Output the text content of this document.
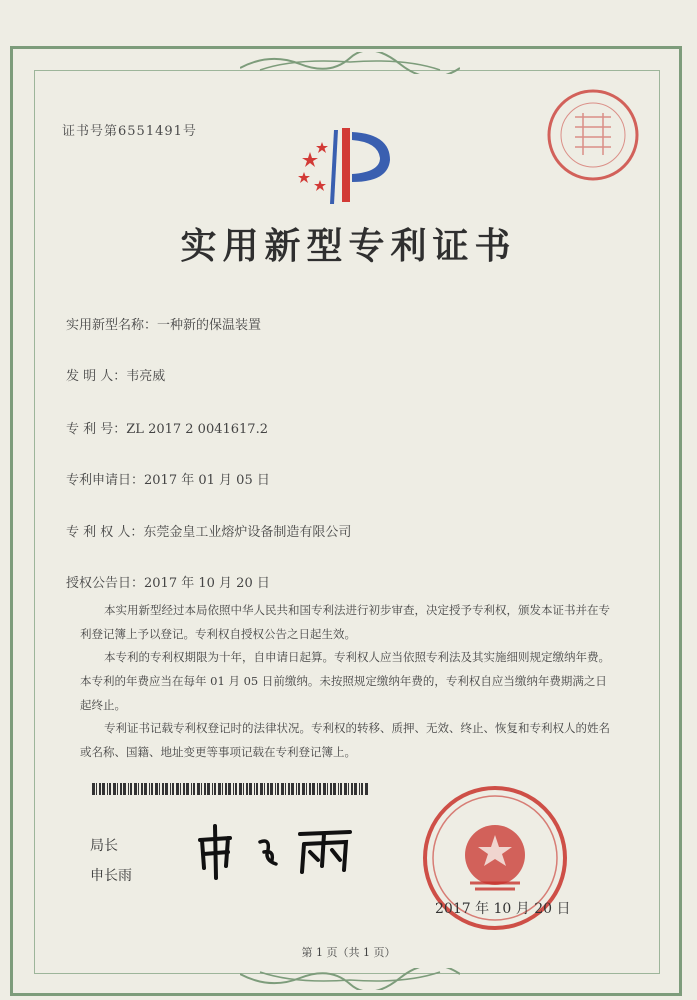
证书号第6551491号
实用新型专利证书
实用新型名称：一种新的保温装置
发 明 人：韦亮威
专 利 号：ZL 2017 2 0041617.2
专利申请日：2017 年 01 月 05 日
专 利 权 人：东莞金皇工业熔炉设备制造有限公司
授权公告日：2017 年 10 月 20 日
本实用新型经过本局依照中华人民共和国专利法进行初步审查，决定授予专利权，颁发本证书并在专利登记簿上予以登记。专利权自授权公告之日起生效。
本专利的专利权期限为十年，自申请日起算。专利权人应当依照专利法及其实施细则规定缴纳年费。本专利的年费应当在每年 01 月 05 日前缴纳。未按照规定缴纳年费的，专利权自应当缴纳年费期满之日起终止。
专利证书记载专利权登记时的法律状况。专利权的转移、质押、无效、终止、恢复和专利权人的姓名或名称、国籍、地址变更等事项记载在专利登记簿上。
局长
申长雨
2017 年 10 月 20 日
第 1 页（共 1 页）
